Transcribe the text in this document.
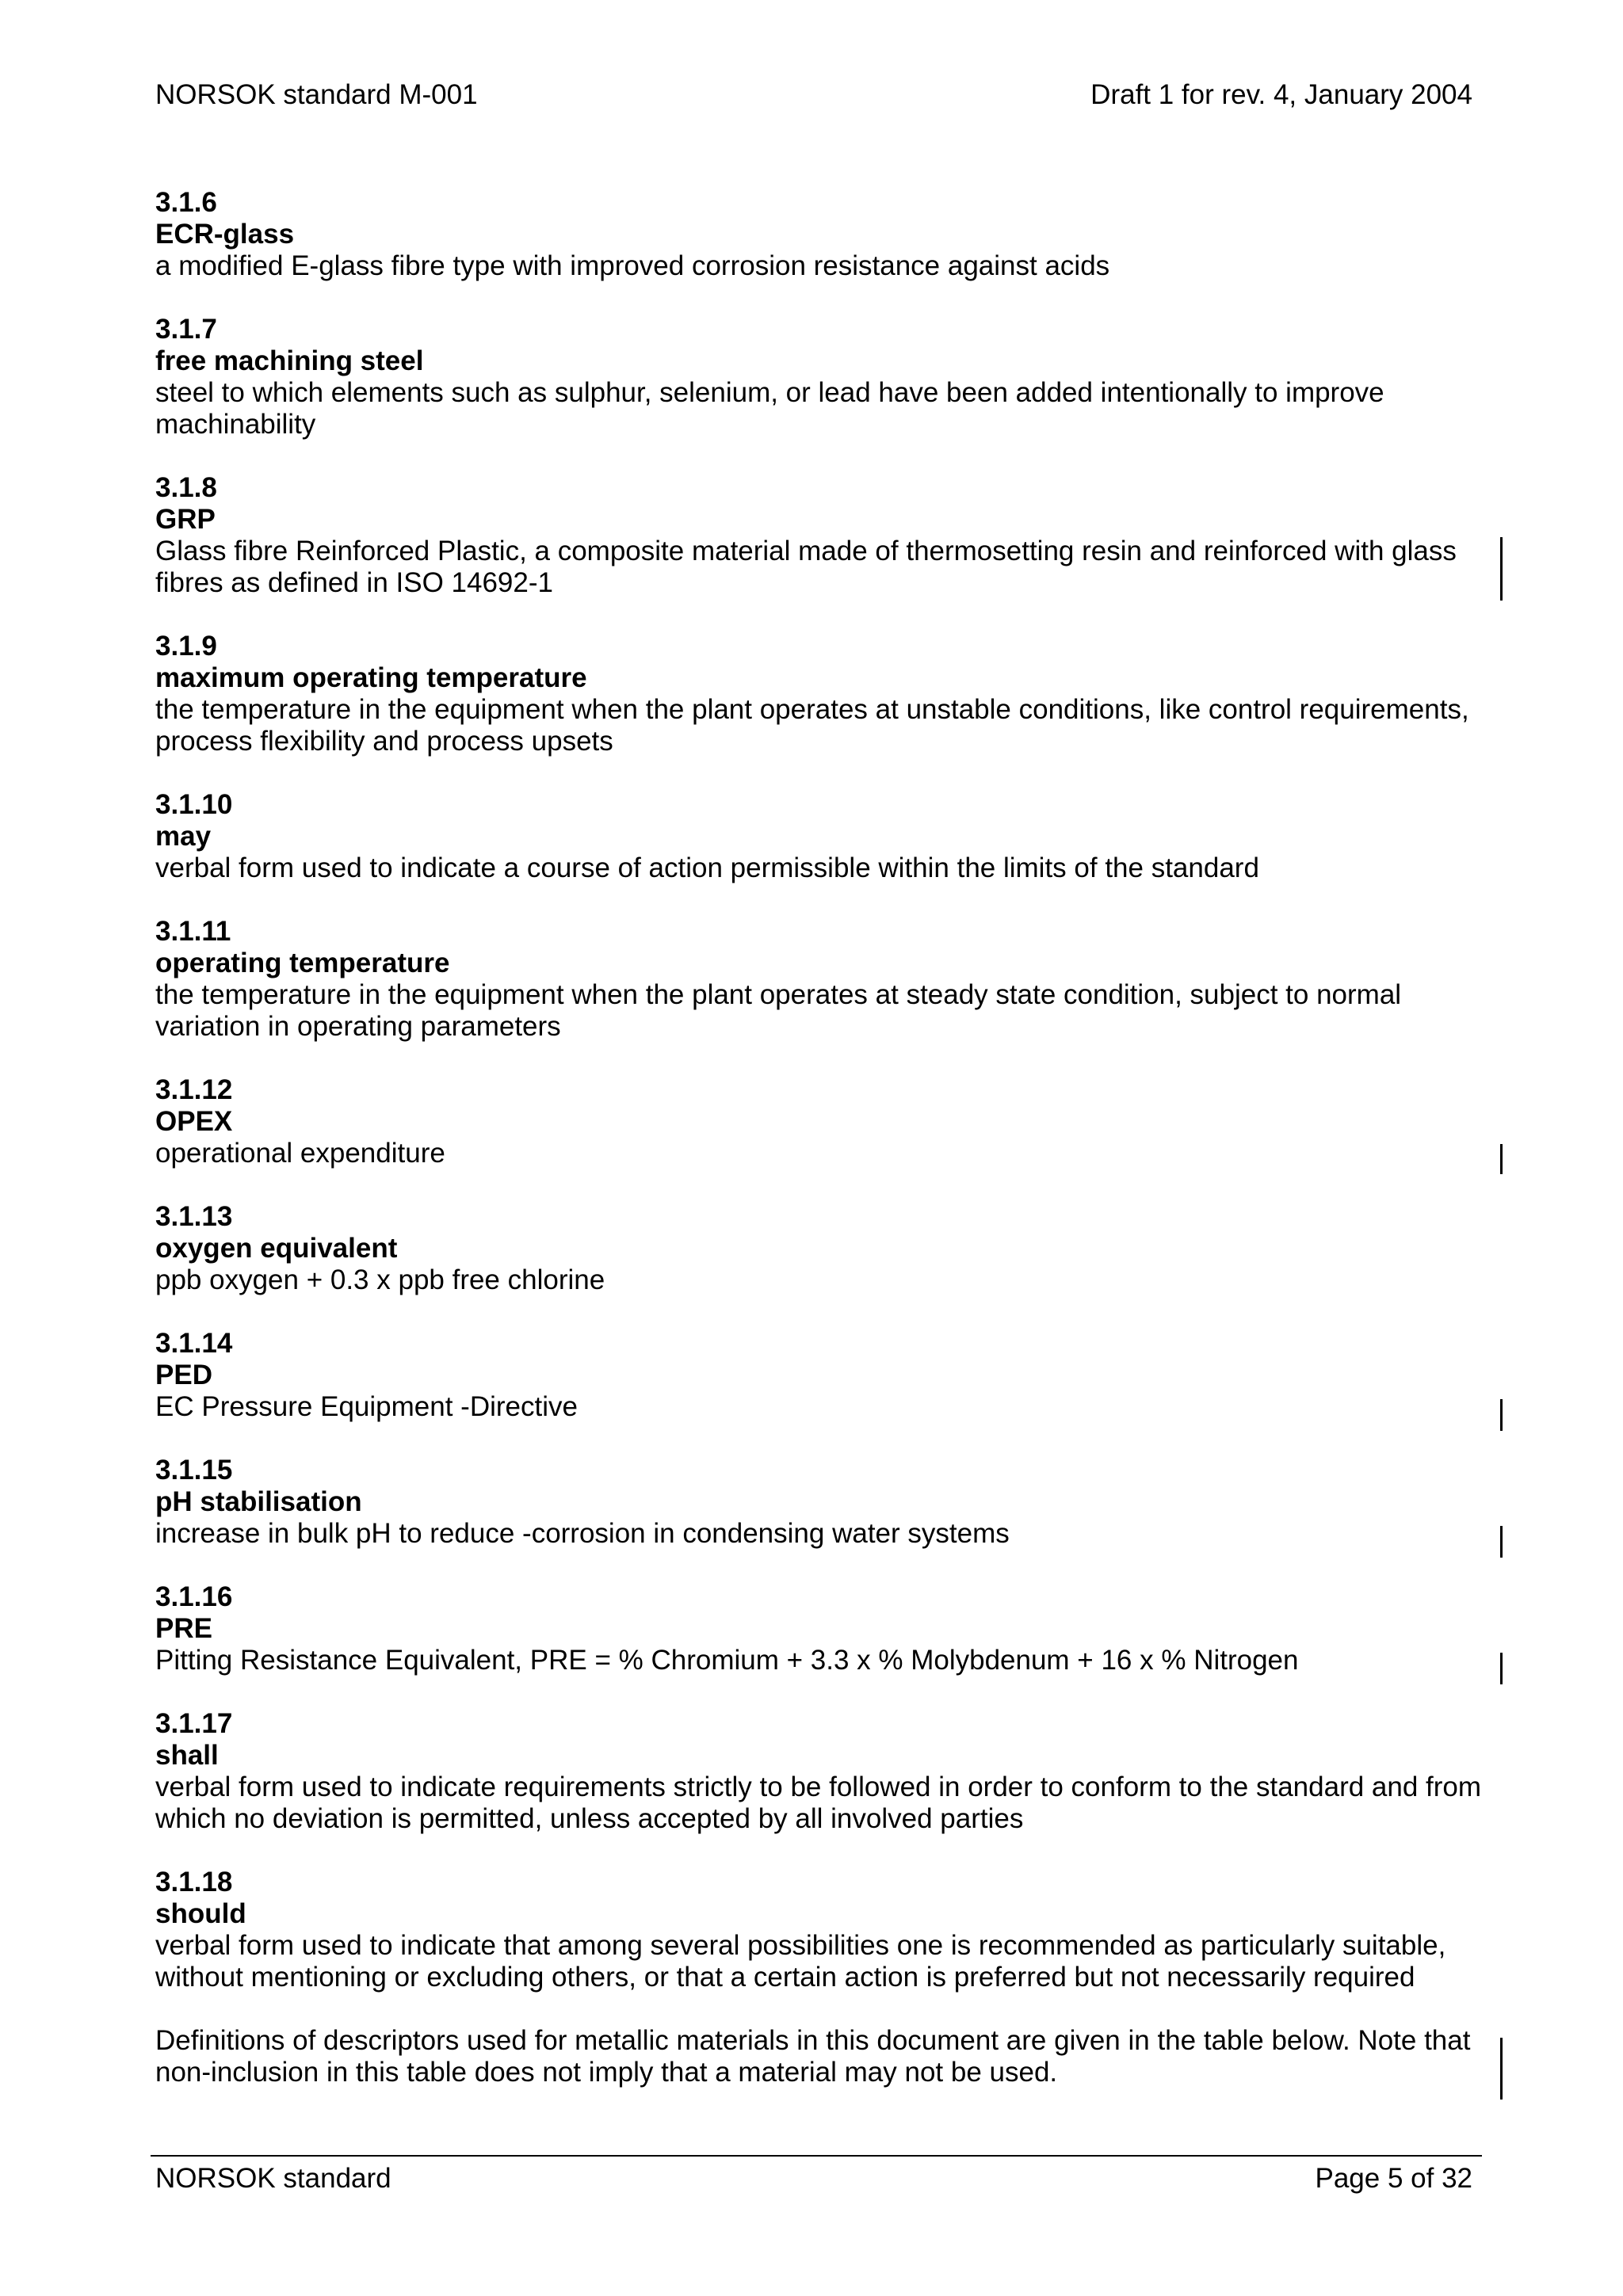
NORSOK standard M-001	Draft 1 for rev. 4, January 2004
3.1.6
ECR-glass
a modified E-glass fibre type with improved corrosion resistance against acids
3.1.7
free machining steel
steel to which elements such as sulphur, selenium, or lead have been added intentionally to improve
machinability
3.1.8
GRP
Glass fibre Reinforced Plastic, a composite material made of thermosetting resin and reinforced with glass
fibres as defined in ISO 14692-1
3.1.9
maximum operating temperature
the temperature in the equipment when the plant operates at unstable conditions, like control requirements,
process flexibility and process upsets
3.1.10
may
verbal form used to indicate a course of action permissible within the limits of the standard
3.1.11
operating temperature
the temperature in the equipment when the plant operates at steady state condition, subject to normal
variation in operating parameters
3.1.12
OPEX
operational expenditure
3.1.13
oxygen equivalent
ppb oxygen + 0.3 x ppb free chlorine
3.1.14
PED
EC Pressure Equipment -Directive
3.1.15
pH stabilisation
increase in bulk pH to reduce -corrosion in condensing water systems
3.1.16
PRE
Pitting Resistance Equivalent, PRE = % Chromium + 3.3 x % Molybdenum + 16 x % Nitrogen
3.1.17
shall
verbal form used to indicate requirements strictly to be followed in order to conform to the standard and from
which no deviation is permitted, unless accepted by all involved parties
3.1.18
should
verbal form used to indicate that among several possibilities one is recommended as particularly suitable,
without mentioning or excluding others, or that a certain action is preferred but not necessarily required
Definitions of descriptors used for metallic materials in this document are given in the table below. Note that
non-inclusion in this table does not imply that a material may not be used.
NORSOK standard	Page 5 of 32
